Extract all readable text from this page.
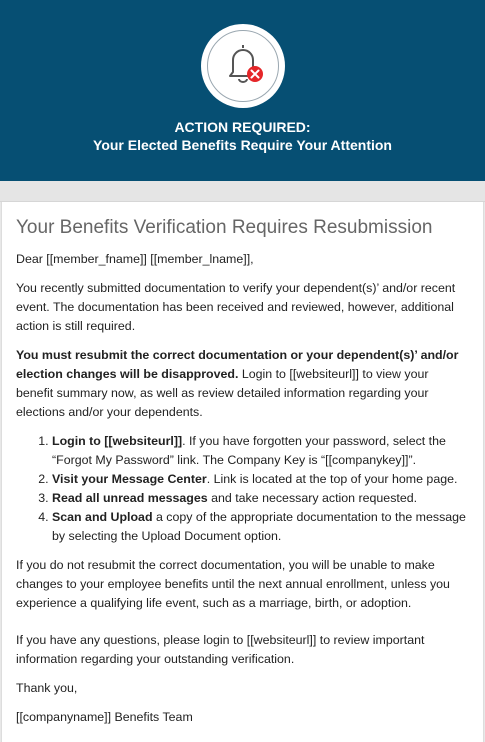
ACTION REQUIRED:
Your Elected Benefits Require Your Attention
Your Benefits Verification Requires Resubmission

Dear [[member_fname]] [[member_lname]],

You recently submitted documentation to verify your dependent(s)’ and/or recent event. The documentation has been received and reviewed, however, additional action is still required.

You must resubmit the correct documentation or your dependent(s)’ and/or election changes will be disapproved. Login to [[websiteurl]] to view your benefit summary now, as well as review detailed information regarding your elections and/or your dependents.

1. Login to [[websiteurl]]. If you have forgotten your password, select the “Forgot My Password” link. The Company Key is “[[companykey]]”.
2. Visit your Message Center. Link is located at the top of your home page.
3. Read all unread messages and take necessary action requested.
4. Scan and Upload a copy of the appropriate documentation to the message by selecting the Upload Document option.

If you do not resubmit the correct documentation, you will be unable to make changes to your employee benefits until the next annual enrollment, unless you experience a qualifying life event, such as a marriage, birth, or adoption.

If you have any questions, please login to [[websiteurl]] to review important information regarding your outstanding verification.

Thank you,

[[companyname]] Benefits Team
